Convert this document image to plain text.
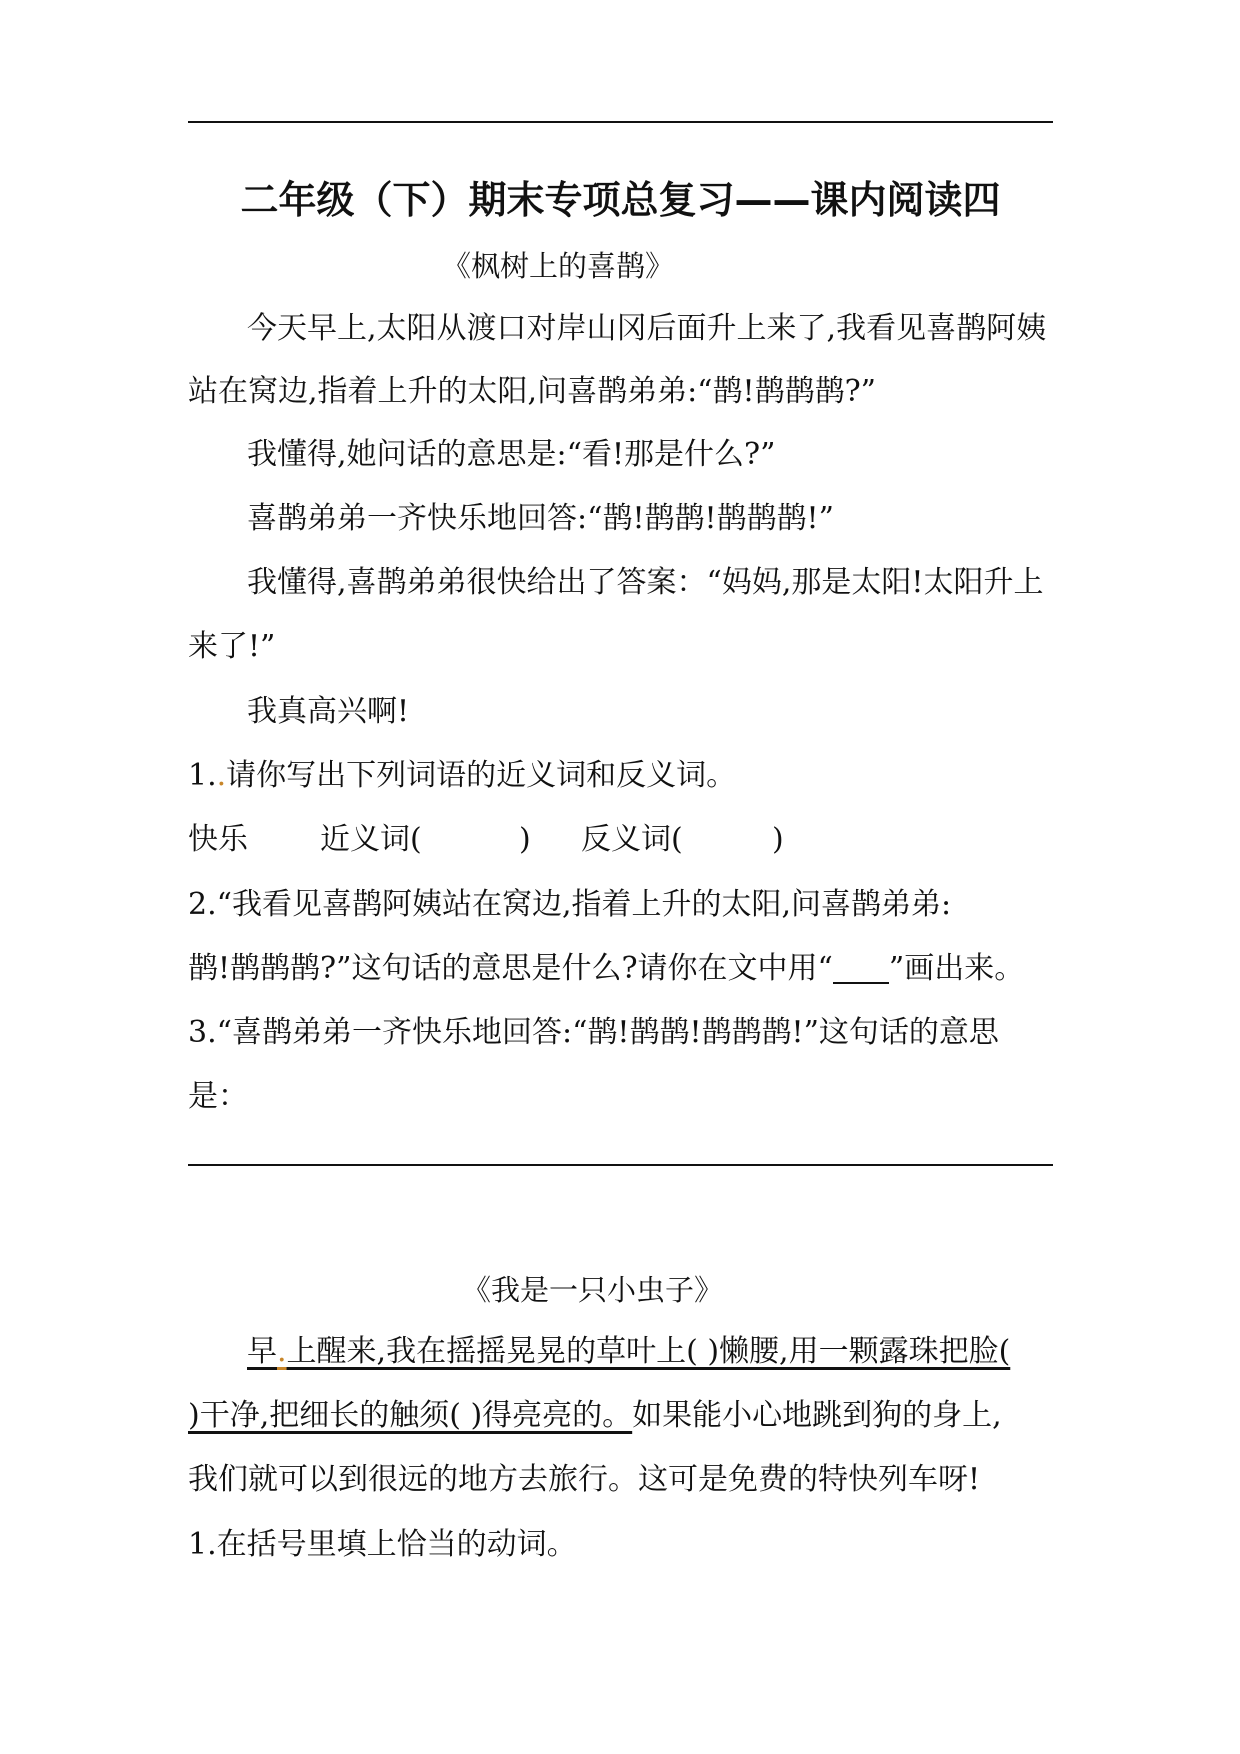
二年级（下）期末专项总复习——课内阅读四
《枫树上的喜鹊》
今天早上,太阳从渡口对岸山冈后面升上来了,我看见喜鹊阿姨
站在窝边,指着上升的太阳,问喜鹊弟弟:“鹊!鹊鹊鹊?”
我懂得,她问话的意思是:“看!那是什么?”
喜鹊弟弟一齐快乐地回答:“鹊!鹊鹊!鹊鹊鹊!”
我懂得,喜鹊弟弟很快给出了答案：“妈妈,那是太阳!太阳升上
来了!”
我真高兴啊!
1..请你写出下列词语的近义词和反义词。
快乐 近义词(	) 反义词(	)
2.“我看见喜鹊阿姨站在窝边,指着上升的太阳,问喜鹊弟弟:
鹊!鹊鹊鹊?”这句话的意思是什么?请你在文中用“ ”画出来。
3.“喜鹊弟弟一齐快乐地回答:“鹊!鹊鹊!鹊鹊鹊!”这句话的意思
是：
《我是一只小虫子》
早.上醒来,我在摇摇晃晃的草叶上( )懒腰,用一颗露珠把脸(
)干净,把细长的触须( )得亮亮的。如果能小心地跳到狗的身上,
我们就可以到很远的地方去旅行。这可是免费的特快列车呀!
1.在括号里填上恰当的动词。
